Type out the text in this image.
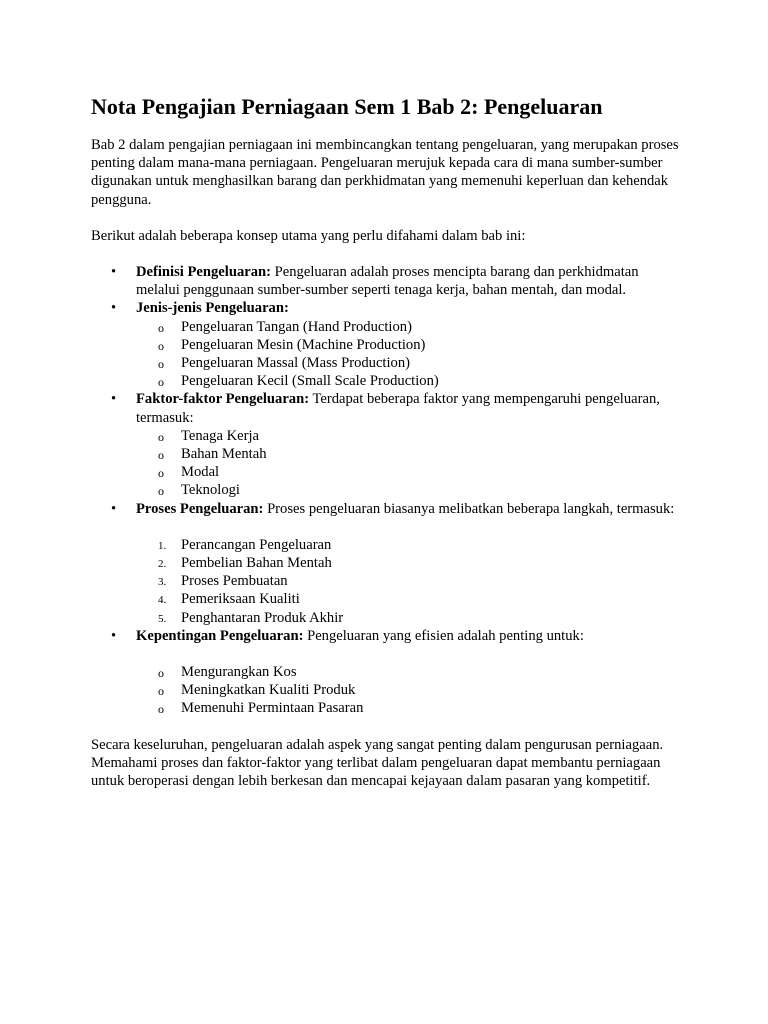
Nota Pengajian Perniagaan Sem 1 Bab 2: Pengeluaran

Bab 2 dalam pengajian perniagaan ini membincangkan tentang pengeluaran, yang merupakan proses penting dalam mana-mana perniagaan. Pengeluaran merujuk kepada cara di mana sumber-sumber digunakan untuk menghasilkan barang dan perkhidmatan yang memenuhi keperluan dan kehendak pengguna.

Berikut adalah beberapa konsep utama yang perlu difahami dalam bab ini:

• Definisi Pengeluaran: Pengeluaran adalah proses mencipta barang dan perkhidmatan melalui penggunaan sumber-sumber seperti tenaga kerja, bahan mentah, dan modal.
• Jenis-jenis Pengeluaran:
o Pengeluaran Tangan (Hand Production)
o Pengeluaran Mesin (Machine Production)
o Pengeluaran Massal (Mass Production)
o Pengeluaran Kecil (Small Scale Production)
• Faktor-faktor Pengeluaran: Terdapat beberapa faktor yang mempengaruhi pengeluaran, termasuk:
o Tenaga Kerja
o Bahan Mentah
o Modal
o Teknologi
• Proses Pengeluaran: Proses pengeluaran biasanya melibatkan beberapa langkah, termasuk:
1. Perancangan Pengeluaran
2. Pembelian Bahan Mentah
3. Proses Pembuatan
4. Pemeriksaan Kualiti
5. Penghantaran Produk Akhir
• Kepentingan Pengeluaran: Pengeluaran yang efisien adalah penting untuk:
o Mengurangkan Kos
o Meningkatkan Kualiti Produk
o Memenuhi Permintaan Pasaran

Secara keseluruhan, pengeluaran adalah aspek yang sangat penting dalam pengurusan perniagaan. Memahami proses dan faktor-faktor yang terlibat dalam pengeluaran dapat membantu perniagaan untuk beroperasi dengan lebih berkesan dan mencapai kejayaan dalam pasaran yang kompetitif.
